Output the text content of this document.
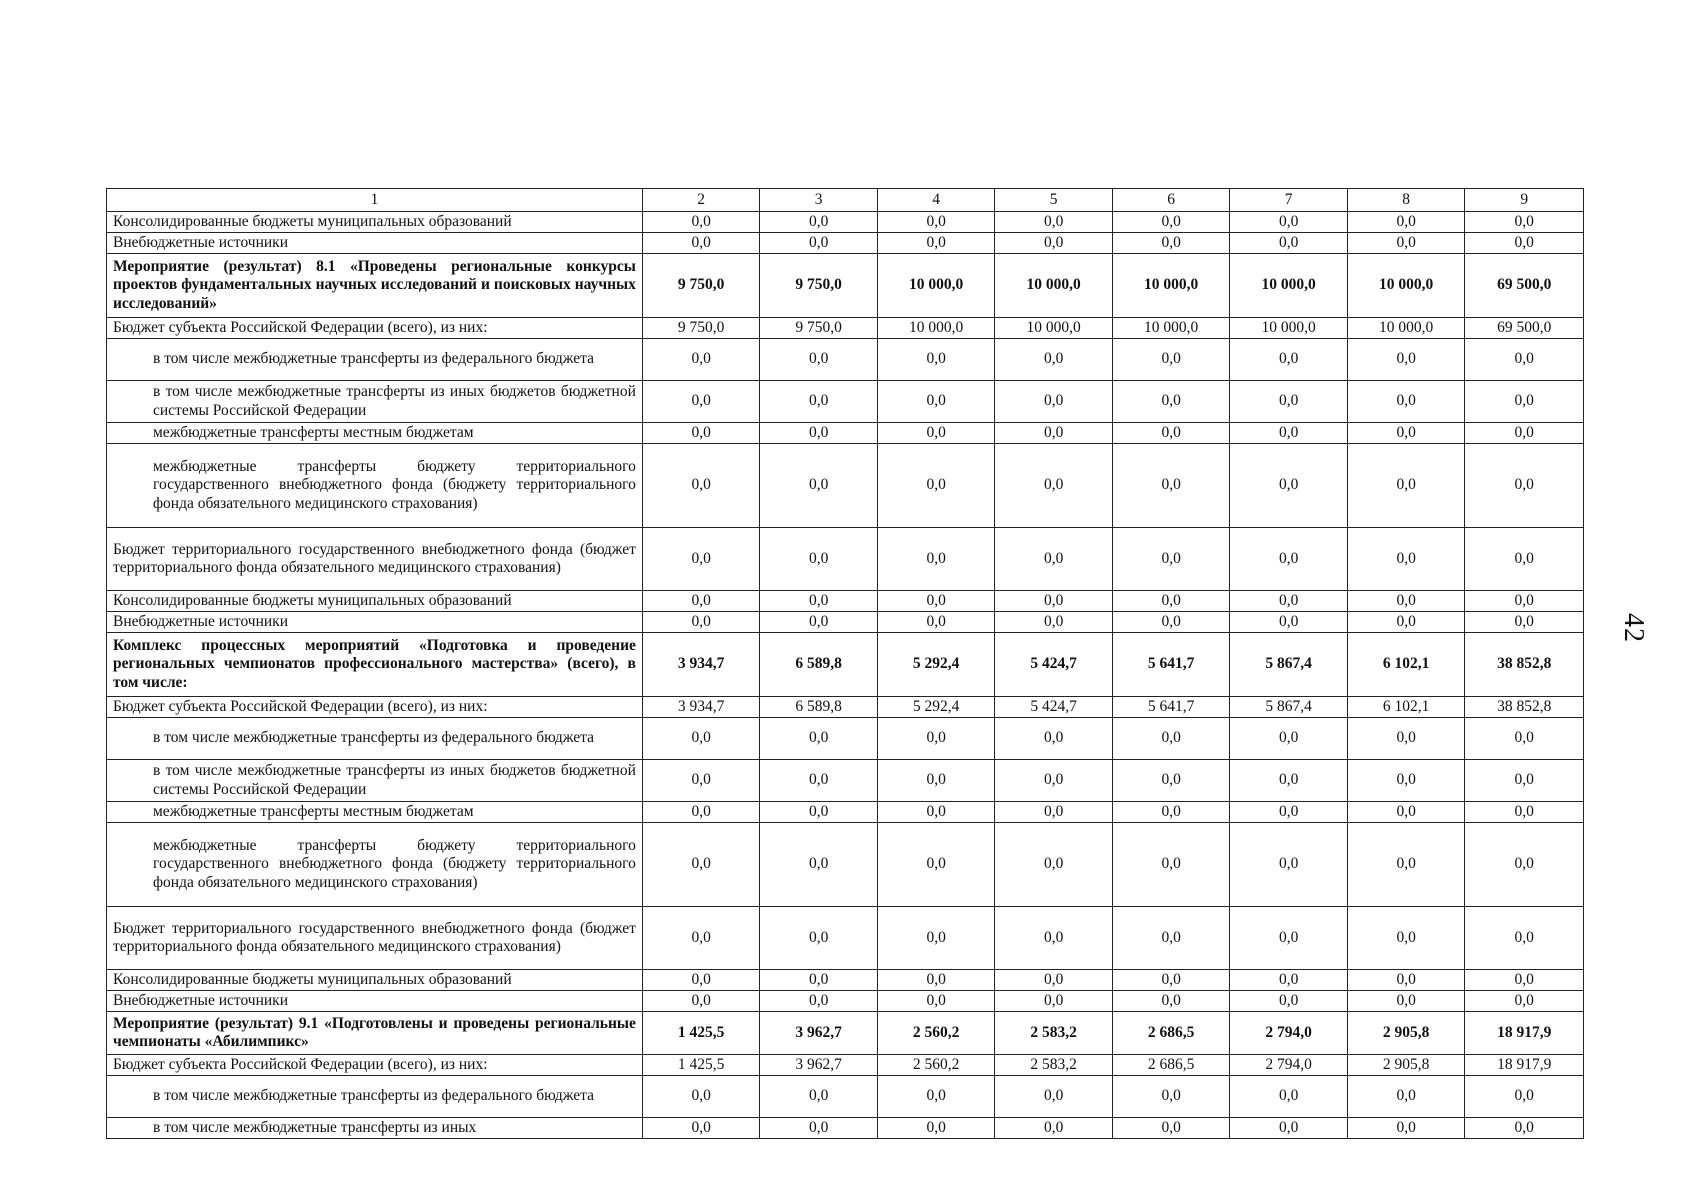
1	2	3	4	5	6	7	8	9
Консолидированные бюджеты муниципальных образований	0,0	0,0	0,0	0,0	0,0	0,0	0,0	0,0
Внебюджетные источники	0,0	0,0	0,0	0,0	0,0	0,0	0,0	0,0
Мероприятие (результат) 8.1 «Проведены региональные конкурсы проектов фундаментальных научных исследований и поисковых научных исследований»	9 750,0	9 750,0	10 000,0	10 000,0	10 000,0	10 000,0	10 000,0	69 500,0
Бюджет субъекта Российской Федерации (всего), из них:	9 750,0	9 750,0	10 000,0	10 000,0	10 000,0	10 000,0	10 000,0	69 500,0
в том числе межбюджетные трансферты из федерального бюджета	0,0	0,0	0,0	0,0	0,0	0,0	0,0	0,0
в том числе межбюджетные трансферты из иных бюджетов бюджетной системы Российской Федерации	0,0	0,0	0,0	0,0	0,0	0,0	0,0	0,0
межбюджетные трансферты местным бюджетам	0,0	0,0	0,0	0,0	0,0	0,0	0,0	0,0
межбюджетные трансферты бюджету территориального государственного внебюджетного фонда (бюджету территориального фонда обязательного медицинского страхования)	0,0	0,0	0,0	0,0	0,0	0,0	0,0	0,0
Бюджет территориального государственного внебюджетного фонда (бюджет территориального фонда обязательного медицинского страхования)	0,0	0,0	0,0	0,0	0,0	0,0	0,0	0,0
Консолидированные бюджеты муниципальных образований	0,0	0,0	0,0	0,0	0,0	0,0	0,0	0,0
Внебюджетные источники	0,0	0,0	0,0	0,0	0,0	0,0	0,0	0,0
Комплекс процессных мероприятий «Подготовка и проведение региональных чемпионатов профессионального мастерства» (всего), в том числе:	3 934,7	6 589,8	5 292,4	5 424,7	5 641,7	5 867,4	6 102,1	38 852,8
Бюджет субъекта Российской Федерации (всего), из них:	3 934,7	6 589,8	5 292,4	5 424,7	5 641,7	5 867,4	6 102,1	38 852,8
в том числе межбюджетные трансферты из федерального бюджета	0,0	0,0	0,0	0,0	0,0	0,0	0,0	0,0
в том числе межбюджетные трансферты из иных бюджетов бюджетной системы Российской Федерации	0,0	0,0	0,0	0,0	0,0	0,0	0,0	0,0
межбюджетные трансферты местным бюджетам	0,0	0,0	0,0	0,0	0,0	0,0	0,0	0,0
межбюджетные трансферты бюджету территориального государственного внебюджетного фонда (бюджету территориального фонда обязательного медицинского страхования)	0,0	0,0	0,0	0,0	0,0	0,0	0,0	0,0
Бюджет территориального государственного внебюджетного фонда (бюджет территориального фонда обязательного медицинского страхования)	0,0	0,0	0,0	0,0	0,0	0,0	0,0	0,0
Консолидированные бюджеты муниципальных образований	0,0	0,0	0,0	0,0	0,0	0,0	0,0	0,0
Внебюджетные источники	0,0	0,0	0,0	0,0	0,0	0,0	0,0	0,0
Мероприятие (результат) 9.1 «Подготовлены и проведены региональные чемпионаты «Абилимпикс»	1 425,5	3 962,7	2 560,2	2 583,2	2 686,5	2 794,0	2 905,8	18 917,9
Бюджет субъекта Российской Федерации (всего), из них:	1 425,5	3 962,7	2 560,2	2 583,2	2 686,5	2 794,0	2 905,8	18 917,9
в том числе межбюджетные трансферты из федерального бюджета	0,0	0,0	0,0	0,0	0,0	0,0	0,0	0,0
в том числе межбюджетные трансферты из иных	0,0	0,0	0,0	0,0	0,0	0,0	0,0	0,0
42
